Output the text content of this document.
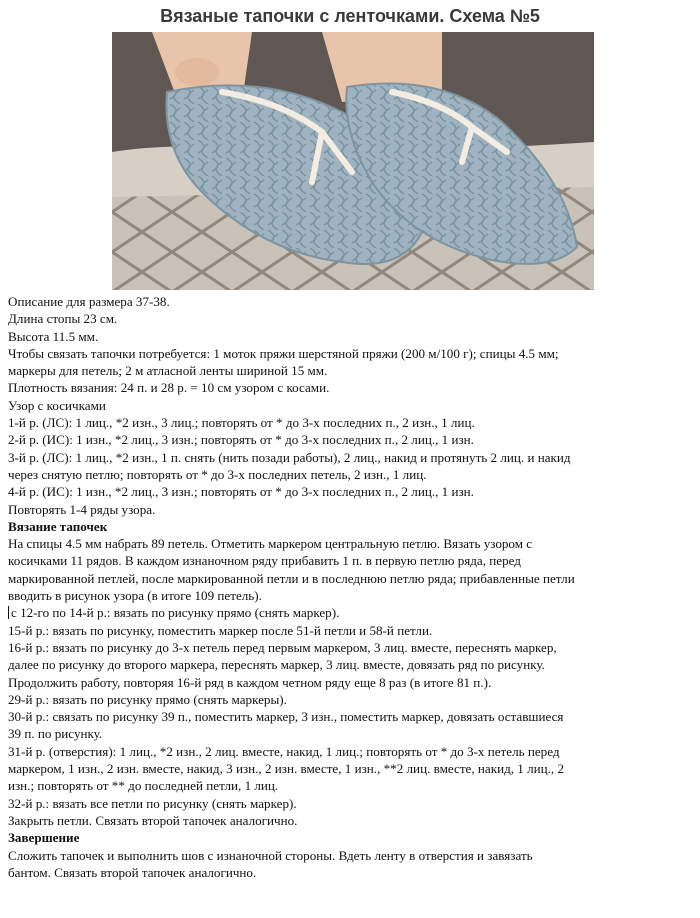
Вязаные тапочки с ленточками. Схема №5

Описание для размера 37-38.

Длина стопы 23 см.

Высота 11.5 мм.

Чтобы связать тапочки потребуется: 1 моток пряжи шерстяной пряжи (200 м/100 г); спицы 4.5 мм;

маркеры для петель; 2 м атласной ленты шириной 15 мм.

Плотность вязания: 24 п. и 28 р. = 10 см узором с косами.

Узор с косичками

1-й р. (ЛС): 1 лиц., *2 изн., 3 лиц.; повторять от * до 3-х последних п., 2 изн., 1 лиц.

2-й р. (ИС): 1 изн., *2 лиц., 3 изн.; повторять от * до 3-х последних п., 2 лиц., 1 изн.

3-й р. (ЛС): 1 лиц., *2 изн., 1 п. снять (нить позади работы), 2 лиц., накид и протянуть 2 лиц. и накид

через снятую петлю; повторять от * до 3-х последних петель, 2 изн., 1 лиц.

4-й р. (ИС): 1 изн., *2 лиц., 3 изн.; повторять от * до 3-х последних п., 2 лиц., 1 изн.

Повторять 1-4 ряды узора.

Вязание тапочек

На спицы 4.5 мм набрать 89 петель. Отметить маркером центральную петлю. Вязать узором с

косичками 11 рядов. В каждом изнаночном ряду прибавить 1 п. в первую петлю ряда, перед

маркированной петлей, после маркированной петли и в последнюю петлю ряда; прибавленные петли

вводить в рисунок узора (в итоге 109 петель).

с 12-го по 14-й р.: вязать по рисунку прямо (снять маркер).

15-й р.: вязать по рисунку, поместить маркер после 51-й петли и 58-й петли.

16-й р.: вязать по рисунку до 3-х петель перед первым маркером, 3 лиц. вместе, переснять маркер,

далее по рисунку до второго маркера, переснять маркер, 3 лиц. вместе, довязать ряд по рисунку.

Продолжить работу, повторяя 16-й ряд в каждом четном ряду еще 8 раз (в итоге 81 п.).

29-й р.: вязать по рисунку прямо (снять маркеры).

30-й р.: связать по рисунку 39 п., поместить маркер, 3 изн., поместить маркер, довязать оставшиеся

39 п. по рисунку.

31-й р. (отверстия): 1 лиц., *2 изн., 2 лиц. вместе, накид, 1 лиц.; повторять от * до 3-х петель перед

маркером, 1 изн., 2 изн. вместе, накид, 3 изн., 2 изн. вместе, 1 изн., **2 лиц. вместе, накид, 1 лиц., 2

изн.; повторять от ** до последней петли, 1 лиц.

32-й р.: вязать все петли по рисунку (снять маркер).

Закрыть петли. Связать второй тапочек аналогично.

Завершение

Сложить тапочек и выполнить шов с изнаночной стороны. Вдеть ленту в отверстия и завязать

бантом. Связать второй тапочек аналогично.
